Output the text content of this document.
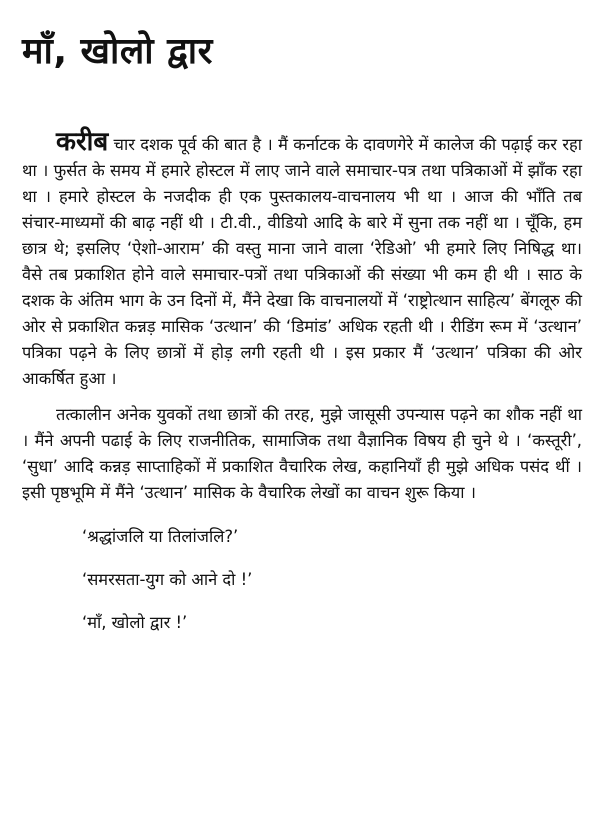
माँ, खोलो द्वार

करीब चार दशक पूर्व की बात है । मैं कर्नाटक के दावणगेरे में कालेज की पढ़ाई कर रहा था । फुर्सत के समय में हमारे होस्टल में लाए जाने वाले समाचार-पत्र तथा पत्रिकाओं में झाँक रहा था । हमारे होस्टल के नजदीक ही एक पुस्तकालय-वाचनालय भी था । आज की भाँति तब संचार-माध्यमों की बाढ़ नहीं थी । टी.वी., वीडियो आदि के बारे में सुना तक नहीं था । चूँकि, हम छात्र थे; इसलिए ‘ऐशो-आराम’ की वस्तु माना जाने वाला ‘रेडिओ’ भी हमारे लिए निषिद्ध था। वैसे तब प्रकाशित होने वाले समाचार-पत्रों तथा पत्रिकाओं की संख्या भी कम ही थी । साठ के दशक के अंतिम भाग के उन दिनों में, मैंने देखा कि वाचनालयों में ‘राष्ट्रोत्थान साहित्य’ बेंगलूरु की ओर से प्रकाशित कन्नड़ मासिक ‘उत्थान’ की ‘डिमांड’ अधिक रहती थी । रीडिंग रूम में ‘उत्थान’ पत्रिका पढ़ने के लिए छात्रों में होड़ लगी रहती थी । इस प्रकार मैं ‘उत्थान’ पत्रिका की ओर आकर्षित हुआ ।

तत्कालीन अनेक युवकों तथा छात्रों की तरह, मुझे जासूसी उपन्यास पढ़ने का शौक नहीं था । मैंने अपनी पढाई के लिए राजनीतिक, सामाजिक तथा वैज्ञानिक विषय ही चुने थे । ‘कस्तूरी’, ‘सुधा’ आदि कन्नड़ साप्ताहिकों में प्रकाशित वैचारिक लेख, कहानियाँ ही मुझे अधिक पसंद थीं । इसी पृष्ठभूमि में मैंने ‘उत्थान’ मासिक के वैचारिक लेखों का वाचन शुरू किया ।

‘श्रद्धांजलि या तिलांजलि?’
‘समरसता-युग को आने दो !’
‘माँ, खोलो द्वार !’
